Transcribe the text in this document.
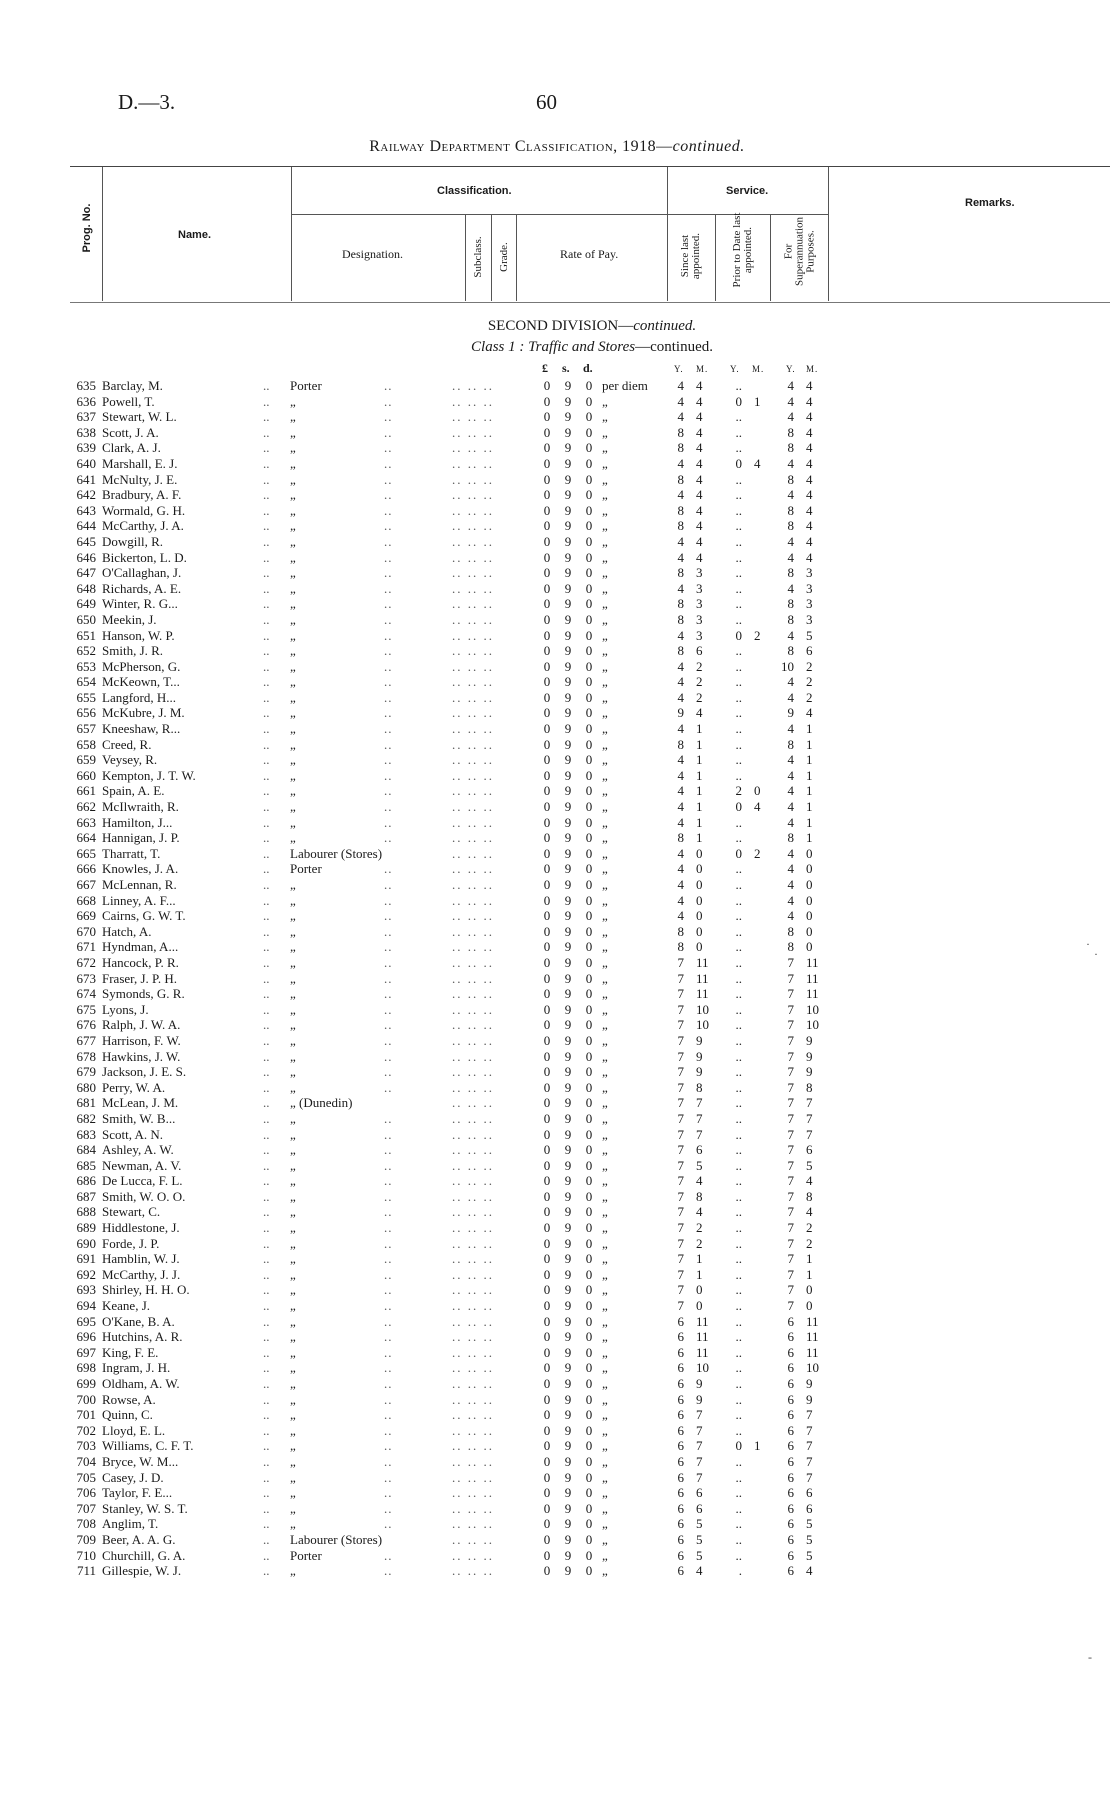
D.—3.	60
Railway Department Classification, 1918—continued.
Prog. No.	Name.
Classification.	Service.
Designation.	Subclass. Grade.	Rate of Pay.	Since last appointed.	Prior to Date last appointed.	For Superannuation Purposes.
Remarks.
SECOND DIVISION—continued.
Class 1 : Traffic and Stores—continued.
£ s. d.	Y. M. Y. M. Y. M.
635 Barclay, M.	.. Porter	..	.. .. ..	0 9 0 per diem	4 4	..	4 4
636 Powell, T.	.. „	..	.. .. ..	0 9 0 „	4 4	0 1	4 4
637 Stewart, W. L.	.. „	..	.. .. ..	0 9 0 „	4 4	..	4 4
638 Scott, J. A.	.. „	..	.. .. ..	0 9 0 „	8 4	..	8 4
639 Clark, A. J.	.. „	..	.. .. ..	0 9 0 „	8 4	..	8 4
640 Marshall, E. J.	.. „	..	.. .. ..	0 9 0 „	4 4	0 4	4 4
641 McNulty, J. E.	.. „	..	.. .. ..	0 9 0 „	8 4	..	8 4
642 Bradbury, A. F.	.. „	..	.. .. ..	0 9 0 „	4 4	..	4 4
643 Wormald, G. H.	.. „	..	.. .. ..	0 9 0 „	8 4	..	8 4
644 McCarthy, J. A.	.. „	..	.. .. ..	0 9 0 „	8 4	..	8 4
645 Dowgill, R.	.. „	..	.. .. ..	0 9 0 „	4 4	..	4 4
646 Bickerton, L. D.	.. „	..	.. .. ..	0 9 0 „	4 4	..	4 4
647 O'Callaghan, J.	.. „	..	.. .. ..	0 9 0 „	8 3	..	8 3
648 Richards, A. E.	.. „	..	.. .. ..	0 9 0 „	4 3	..	4 3
649 Winter, R. G...	.. „	..	.. .. ..	0 9 0 „	8 3	..	8 3
650 Meekin, J.	.. „	..	.. .. ..	0 9 0 „	8 3	..	8 3
651 Hanson, W. P.	.. „	..	.. .. ..	0 9 0 „	4 3	0 2	4 5
652 Smith, J. R.	.. „	..	.. .. ..	0 9 0 „	8 6	..	8 6
653 McPherson, G.	.. „	..	.. .. ..	0 9 0 „	4 2	..	10 2
654 McKeown, T...	.. „	..	.. .. ..	0 9 0 „	4 2	..	4 2
655 Langford, H...	.. „	..	.. .. ..	0 9 0 „	4 2	..	4 2
656 McKubre, J. M.	.. „	..	.. .. ..	0 9 0 „	9 4	..	9 4
657 Kneeshaw, R...	.. „	..	.. .. ..	0 9 0 „	4 1	..	4 1
658 Creed, R.	.. „	..	.. .. ..	0 9 0 „	8 1	..	8 1
659 Veysey, R.	.. „	..	.. .. ..	0 9 0 „	4 1	..	4 1
660 Kempton, J. T. W.	.. „	..	.. .. ..	0 9 0 „	4 1	..	4 1
661 Spain, A. E.	.. „	..	.. .. ..	0 9 0 „	4 1	2 0	4 1
662 McIlwraith, R.	.. „	..	.. .. ..	0 9 0 „	4 1	0 4	4 1
663 Hamilton, J...	.. „	..	.. .. ..	0 9 0 „	4 1	..	4 1
664 Hannigan, J. P.	.. „	..	.. .. ..	0 9 0 „	8 1	..	8 1
665 Tharratt, T.	.. Labourer (Stores)	.. .. ..	0 9 0 „	4 0	0 2	4 0
666 Knowles, J. A.	.. Porter	..	.. .. ..	0 9 0 „	4 0	..	4 0
667 McLennan, R.	.. „	..	.. .. ..	0 9 0 „	4 0	..	4 0
668 Linney, A. F...	.. „	..	.. .. ..	0 9 0 „	4 0	..	4 0
669 Cairns, G. W. T.	.. „	..	.. .. ..	0 9 0 „	4 0	..	4 0
670 Hatch, A.	.. „	..	.. .. ..	0 9 0 „	8 0	..	8 0
671 Hyndman, A...	.. „	..	.. .. ..	0 9 0 „	8 0	..	8 0
672 Hancock, P. R.	.. „	..	.. .. ..	0 9 0 „	7 11	..	7 11
673 Fraser, J. P. H.	.. „	..	.. .. ..	0 9 0 „	7 11	..	7 11
674 Symonds, G. R.	.. „	..	.. .. ..	0 9 0 „	7 11	..	7 11
675 Lyons, J.	.. „	..	.. .. ..	0 9 0 „	7 10	..	7 10
676 Ralph, J. W. A.	.. „	..	.. .. ..	0 9 0 „	7 10	..	7 10
677 Harrison, F. W.	.. „	..	.. .. ..	0 9 0 „	7 9	..	7 9
678 Hawkins, J. W.	.. „	..	.. .. ..	0 9 0 „	7 9	..	7 9
679 Jackson, J. E. S.	.. „	..	.. .. ..	0 9 0 „	7 9	..	7 9
680 Perry, W. A.	.. „	..	.. .. ..	0 9 0 „	7 8	..	7 8
681 McLean, J. M.	.. „ (Dunedin)	.. .. ..	0 9 0 „	7 7	..	7 7
682 Smith, W. B...	.. „	..	.. .. ..	0 9 0 „	7 7	..	7 7
683 Scott, A. N.	.. „	..	.. .. ..	0 9 0 „	7 7	..	7 7
684 Ashley, A. W.	.. „	..	.. .. ..	0 9 0 „	7 6	..	7 6
685 Newman, A. V.	.. „	..	.. .. ..	0 9 0 „	7 5	..	7 5
686 De Lucca, F. L.	.. „	..	.. .. ..	0 9 0 „	7 4	..	7 4
687 Smith, W. O. O.	.. „	..	.. .. ..	0 9 0 „	7 8	..	7 8
688 Stewart, C.	.. „	..	.. .. ..	0 9 0 „	7 4	..	7 4
689 Hiddlestone, J.	.. „	..	.. .. ..	0 9 0 „	7 2	..	7 2
690 Forde, J. P.	.. „	..	.. .. ..	0 9 0 „	7 2	..	7 2
691 Hamblin, W. J.	.. „	..	.. .. ..	0 9 0 „	7 1	..	7 1
692 McCarthy, J. J.	.. „	..	.. .. ..	0 9 0 „	7 1	..	7 1
693 Shirley, H. H. O.	.. „	..	.. .. ..	0 9 0 „	7 0	..	7 0
694 Keane, J.	.. „	..	.. .. ..	0 9 0 „	7 0	..	7 0
695 O'Kane, B. A.	.. „	..	.. .. ..	0 9 0 „	6 11	..	6 11
696 Hutchins, A. R.	.. „	..	.. .. ..	0 9 0 „	6 11	..	6 11
697 King, F. E.	.. „	..	.. .. ..	0 9 0 „	6 11	..	6 11
698 Ingram, J. H.	.. „	..	.. .. ..	0 9 0 „	6 10	..	6 10
699 Oldham, A. W.	.. „	..	.. .. ..	0 9 0 „	6 9	..	6 9
700 Rowse, A.	.. „	..	.. .. ..	0 9 0 „	6 9	..	6 9
701 Quinn, C.	.. „	..	.. .. ..	0 9 0 „	6 7	..	6 7
702 Lloyd, E. L.	.. „	..	.. .. ..	0 9 0 „	6 7	..	6 7
703 Williams, C. F. T.	.. „	..	.. .. ..	0 9 0 „	6 7	0 1	6 7
704 Bryce, W. M...	.. „	..	.. .. ..	0 9 0 „	6 7	..	6 7
705 Casey, J. D.	.. „	..	.. .. ..	0 9 0 „	6 7	..	6 7
706 Taylor, F. E...	.. „	..	.. .. ..	0 9 0 „	6 6	..	6 6
707 Stanley, W. S. T.	.. „	..	.. .. ..	0 9 0 „	6 6	..	6 6
708 Anglim, T.	.. „	..	.. .. ..	0 9 0 „	6 5	..	6 5
709 Beer, A. A. G.	.. Labourer (Stores)	.. .. ..	0 9 0 „	6 5	..	6 5
710 Churchill, G. A.	.. Porter	..	.. .. ..	0 9 0 „	6 5	..	6 5
711 Gillespie, W. J.	.. „	..	.. .. ..	0 9 0 „	6 4	.	6 4
·
·
-
